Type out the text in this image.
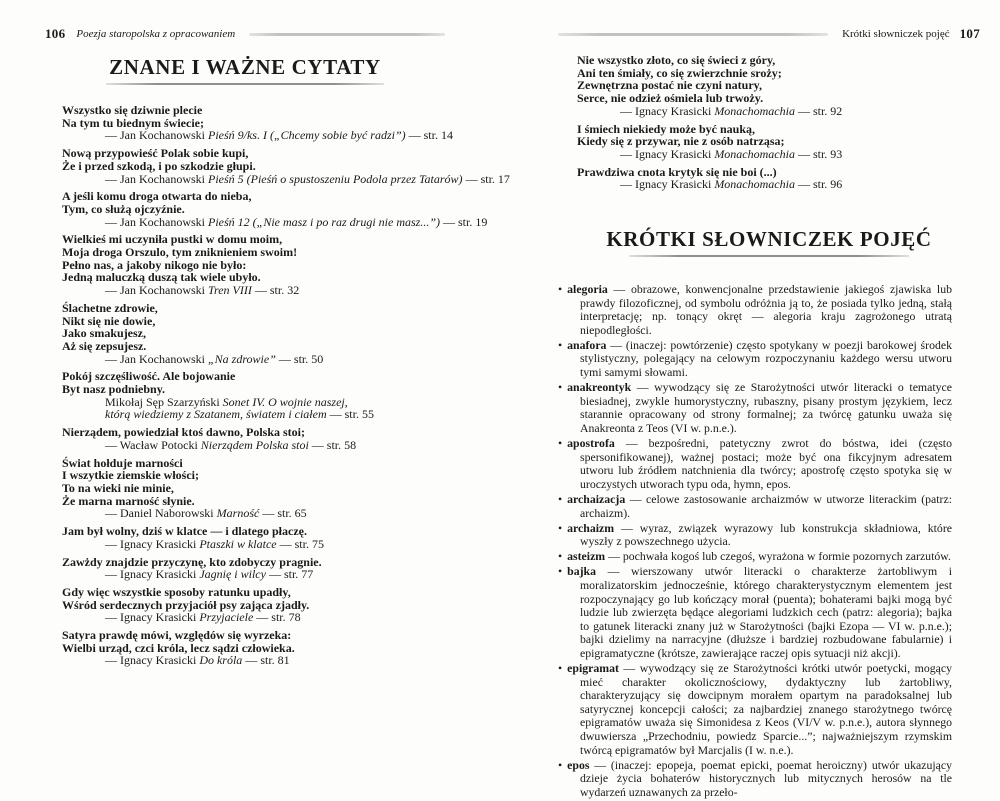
106 Poezja staropolska z opracowaniem
ZNANE I WAŻNE CYTATY
Wszystko się dziwnie plecie
Na tym tu biednym świecie;
— Jan Kochanowski Pieśń 9/ks. I („Chcemy sobie być radzi”) — str. 14
Nową przypowieść Polak sobie kupi,
Że i przed szkodą, i po szkodzie głupi.
— Jan Kochanowski Pieśń 5 (Pieśń o spustoszeniu Podola przez Tatarów) — str. 17
A jeśli komu droga otwarta do nieba,
Tym, co służą ojczyźnie.
— Jan Kochanowski Pieśń 12 („Nie masz i po raz drugi nie masz...”) — str. 19
Wielkieś mi uczyniła pustki w domu moim,
Moja droga Orszulo, tym zniknieniem swoim!
Pełno nas, a jakoby nikogo nie było:
Jedną maluczką duszą tak wiele ubyło.
— Jan Kochanowski Tren VIII — str. 32
Ślachetne zdrowie,
Nikt się nie dowie,
Jako smakujesz,
Aż się zepsujesz.
— Jan Kochanowski „Na zdrowie” — str. 50
Pokój szczęśliwość. Ale bojowanie
Byt nasz podniebny.
Mikołaj Sęp Szarzyński Sonet IV. O wojnie naszej,
którą wiedziemy z Szatanem, światem i ciałem — str. 55
Nierządem, powiedział ktoś dawno, Polska stoi;
— Wacław Potocki Nierządem Polska stoi — str. 58
Świat hołduje marności
I wszytkie ziemskie włości;
To na wieki nie minie,
Że marna marność słynie.
— Daniel Naborowski Marność — str. 65
Jam był wolny, dziś w klatce — i dlatego płaczę.
— Ignacy Krasicki Ptaszki w klatce — str. 75
Zawżdy znajdzie przyczynę, kto zdobyczy pragnie.
— Ignacy Krasicki Jagnię i wilcy — str. 77
Gdy więc wszystkie sposoby ratunku upadły,
Wśród serdecznych przyjaciół psy zająca zjadły.
— Ignacy Krasicki Przyjaciele — str. 78
Satyra prawdę mówi, względów się wyrzeka:
Wielbi urząd, czci króla, lecz sądzi człowieka.
— Ignacy Krasicki Do króla — str. 81
Krótki słowniczek pojęć 107
Nie wszystko złoto, co się świeci z góry,
Ani ten śmiały, co się zwierzchnie sroży;
Zewnętrzna postać nie czyni natury,
Serce, nie odzież ośmiela lub trwoży.
— Ignacy Krasicki Monachomachia — str. 92
I śmiech niekiedy może być nauką,
Kiedy się z przywar, nie z osób natrząsa;
— Ignacy Krasicki Monachomachia — str. 93
Prawdziwa cnota krytyk się nie boi (...)
— Ignacy Krasicki Monachomachia — str. 96
KRÓTKI SŁOWNICZEK POJĘĆ
• alegoria — obrazowe, konwencjonalne przedstawienie jakiegoś zjawiska lub prawdy filozoficznej, od symbolu odróżnia ją to, że posiada tylko jedną, stałą interpretację; np. tonący okręt — alegoria kraju zagrożonego utratą niepodległości.
• anafora — (inaczej: powtórzenie) często spotykany w poezji barokowej środek stylistyczny, polegający na celowym rozpoczynaniu każdego wersu utworu tymi samymi słowami.
• anakreontyk — wywodzący się ze Starożytności utwór literacki o tematyce biesiadnej, zwykle humorystyczny, rubaszny, pisany prostym językiem, lecz starannie opracowany od strony formalnej; za twórcę gatunku uważa się Anakreonta z Teos (VI w. p.n.e.).
• apostrofa — bezpośredni, patetyczny zwrot do bóstwa, idei (często spersonifikowanej), ważnej postaci; może być ona fikcyjnym adresatem utworu lub źródłem natchnienia dla twórcy; apostrofę często spotyka się w uroczystych utworach typu oda, hymn, epos.
• archaizacja — celowe zastosowanie archaizmów w utworze literackim (patrz: archaizm).
• archaizm — wyraz, związek wyrazowy lub konstrukcja składniowa, które wyszły z powszechnego użycia.
• asteizm — pochwała kogoś lub czegoś, wyrażona w formie pozornych zarzutów.
• bajka — wierszowany utwór literacki o charakterze żartobliwym i moralizatorskim jednocześnie, którego charakterystycznym elementem jest rozpoczynający go lub kończący morał (puenta); bohaterami bajki mogą być ludzie lub zwierzęta będące alegoriami ludzkich cech (patrz: alegoria); bajka to gatunek literacki znany już w Starożytności (bajki Ezopa — VI w. p.n.e.); bajki dzielimy na narracyjne (dłuższe i bardziej rozbudowane fabularnie) i epigramatyczne (krótsze, zawierające raczej opis sytuacji niż akcji).
• epigramat — wywodzący się ze Starożytności krótki utwór poetycki, mogący mieć charakter okolicznościowy, dydaktyczny lub żartobliwy, charakteryzujący się dowcipnym morałem opartym na paradoksalnej lub satyrycznej koncepcji całości; za najbardziej znanego starożytnego twórcę epigramatów uważa się Simonidesa z Keos (VI/V w. p.n.e.), autora słynnego dwuwiersza „Przechodniu, powiedz Sparcie...”; najważniejszym rzymskim twórcą epigramatów był Marcjalis (I w. n.e.).
• epos — (inaczej: epopeja, poemat epicki, poemat heroiczny) utwór ukazujący dzieje życia bohaterów historycznych lub mitycznych herosów na tle wydarzeń uznawanych za przeło-
